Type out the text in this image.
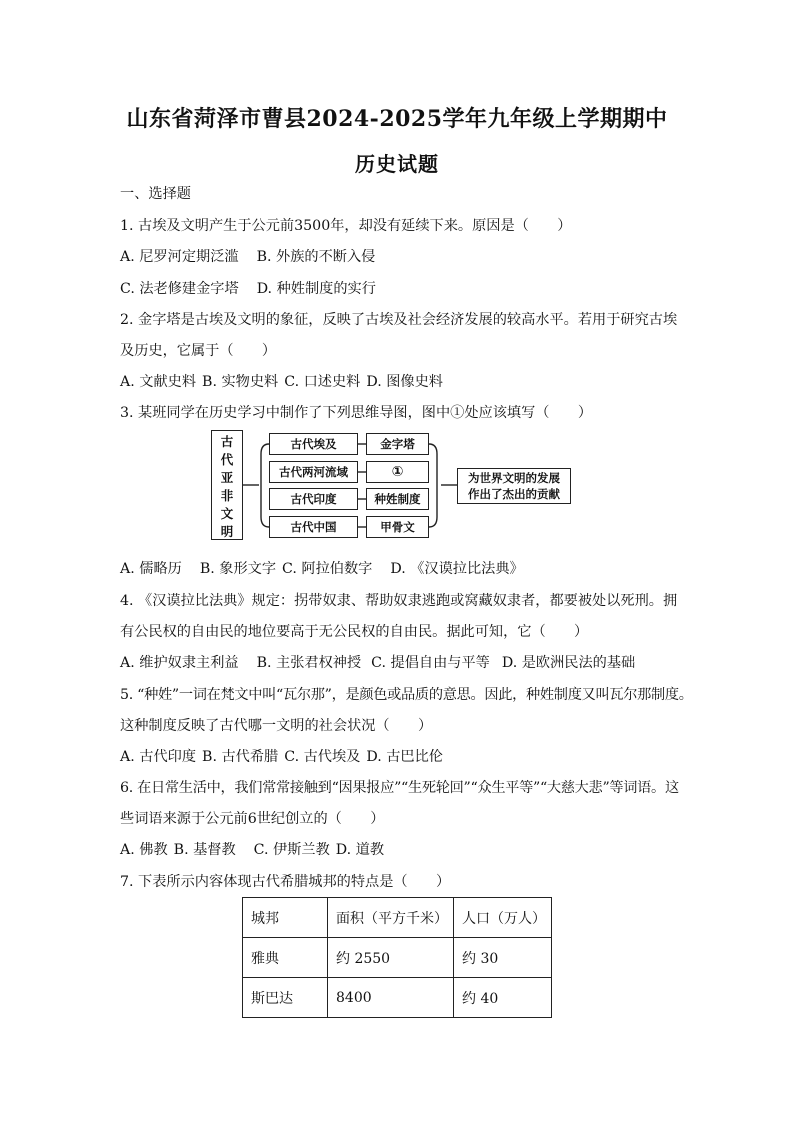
山东省菏泽市曹县2024-2025学年九年级上学期期中
历史试题
一、选择题
1. 古埃及文明产生于公元前3500年，却没有延续下来。原因是（　　）
A. 尼罗河定期泛滥 B. 外族的不断入侵
C. 法老修建金字塔 D. 种姓制度的实行
2. 金字塔是古埃及文明的象征，反映了古埃及社会经济发展的较高水平。若用于研究古埃
及历史，它属于（　　）
A. 文献史料 B. 实物史料 C. 口述史料 D. 图像史料
3. 某班同学在历史学习中制作了下列思维导图，图中①处应该填写（　　）
古
代
亚
非
文
明
古代埃及
古代两河流域
古代印度
古代中国
金字塔
①
种姓制度
甲骨文
为世界文明的发展
作出了杰出的贡献
A. 儒略历 B. 象形文字 C. 阿拉伯数字 D. 《汉谟拉比法典》
4. 《汉谟拉比法典》规定：拐带奴隶、帮助奴隶逃跑或窝藏奴隶者，都要被处以死刑。拥
有公民权的自由民的地位要高于无公民权的自由民。据此可知，它（　　）
A. 维护奴隶主利益 B. 主张君权神授 C. 提倡自由与平等 D. 是欧洲民法的基础
5. “种姓”一词在梵文中叫“瓦尔那”，是颜色或品质的意思。因此，种姓制度又叫瓦尔那制度。
这种制度反映了古代哪一文明的社会状况（　　）
A. 古代印度 B. 古代希腊 C. 古代埃及 D. 古巴比伦
6. 在日常生活中，我们常常接触到“因果报应”“生死轮回”“众生平等”“大慈大悲”等词语。这
些词语来源于公元前6世纪创立的（　　）
A. 佛教 B. 基督教 C. 伊斯兰教 D. 道教
7. 下表所示内容体现古代希腊城邦的特点是（　　）
城邦	面积（平方千米）	人口（万人）
雅典	约 2550	约 30
斯巴达	8400	约 40
